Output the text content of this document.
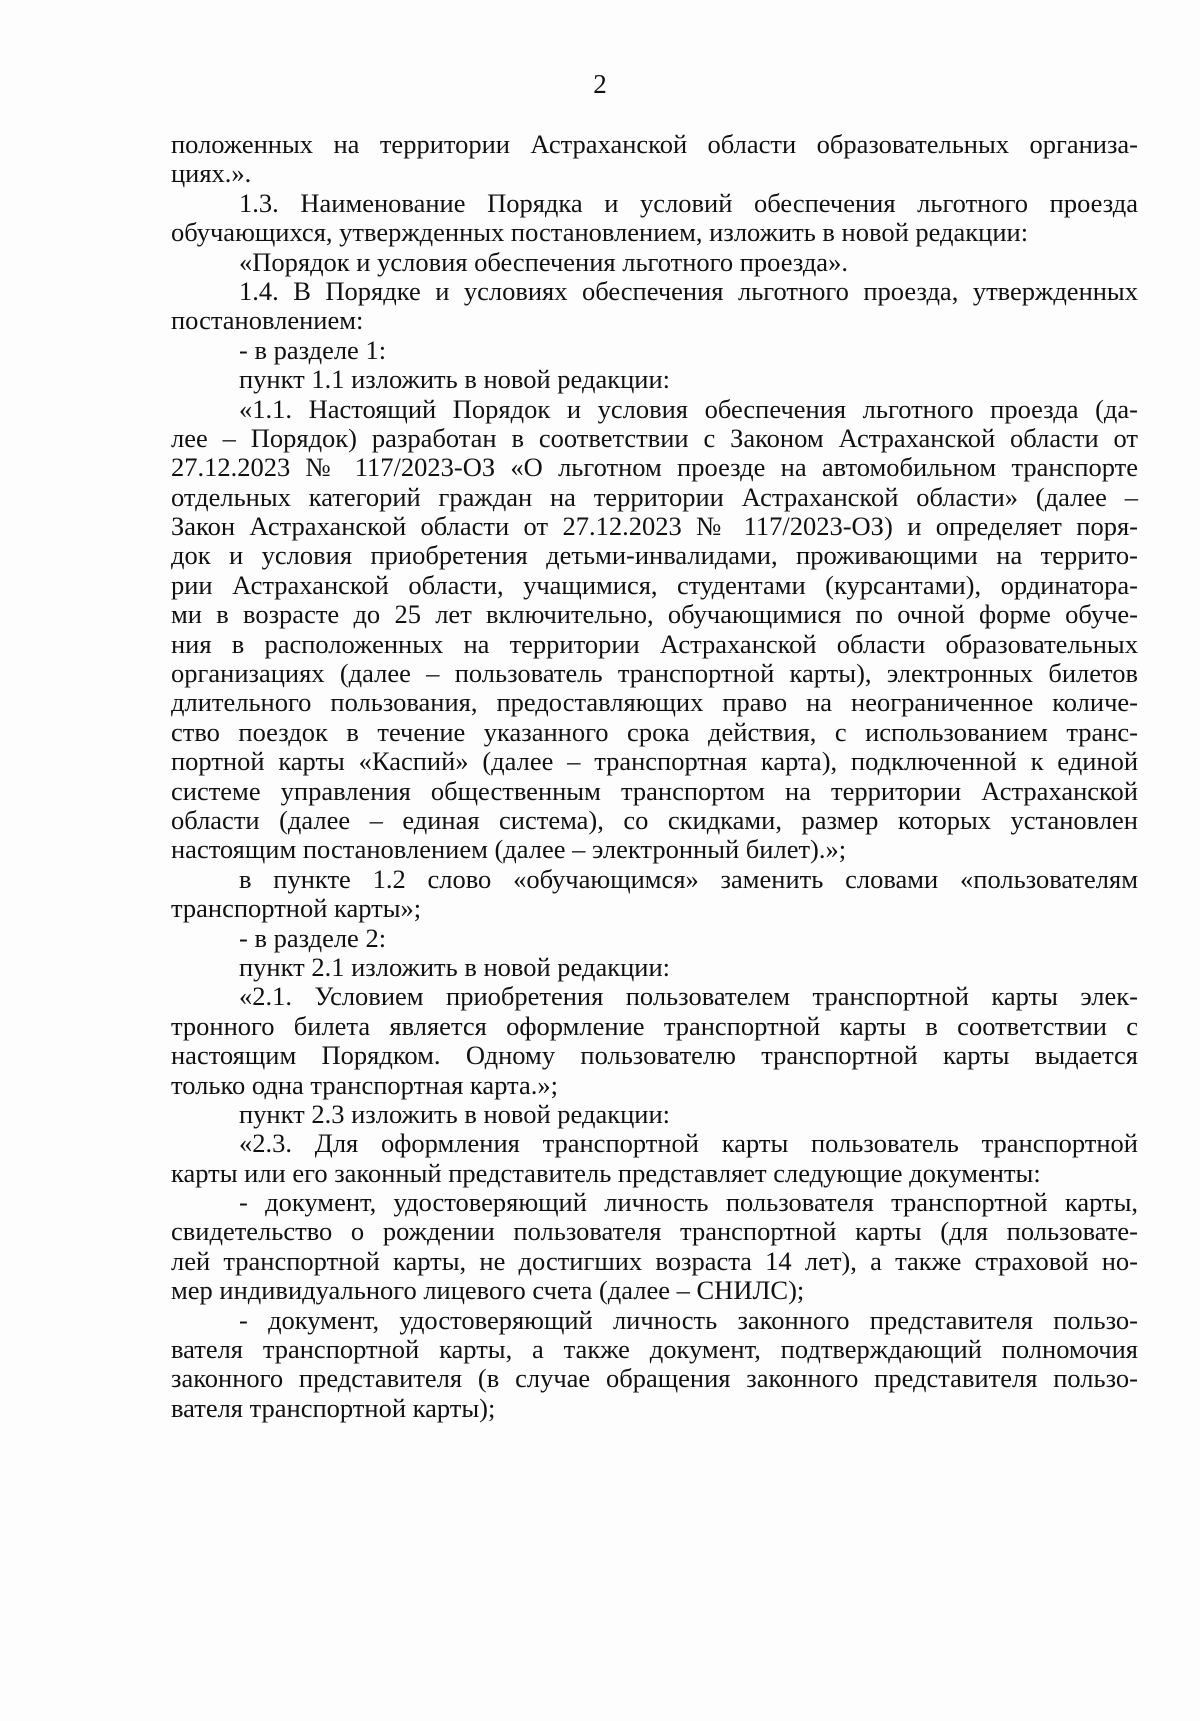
2
положенных на территории Астраханской области образовательных организа-
циях.».
1.3. Наименование Порядка и условий обеспечения льготного проезда
обучающихся, утвержденных постановлением, изложить в новой редакции:
«Порядок и условия обеспечения льготного проезда».
1.4. В Порядке и условиях обеспечения льготного проезда, утвержденных
постановлением:
- в разделе 1:
пункт 1.1 изложить в новой редакции:
«1.1. Настоящий Порядок и условия обеспечения льготного проезда (да-
лее – Порядок) разработан в соответствии с Законом Астраханской области от
27.12.2023 № 117/2023-ОЗ «О льготном проезде на автомобильном транспорте
отдельных категорий граждан на территории Астраханской области» (далее –
Закон Астраханской области от 27.12.2023 № 117/2023-ОЗ) и определяет поря-
док и условия приобретения детьми-инвалидами, проживающими на террито-
рии Астраханской области, учащимися, студентами (курсантами), ординатора-
ми в возрасте до 25 лет включительно, обучающимися по очной форме обуче-
ния в расположенных на территории Астраханской области образовательных
организациях (далее – пользователь транспортной карты), электронных билетов
длительного пользования, предоставляющих право на неограниченное количе-
ство поездок в течение указанного срока действия, с использованием транс-
портной карты «Каспий» (далее – транспортная карта), подключенной к единой
системе управления общественным транспортом на территории Астраханской
области (далее – единая система), со скидками, размер которых установлен
настоящим постановлением (далее – электронный билет).»;
в пункте 1.2 слово «обучающимся» заменить словами «пользователям
транспортной карты»;
- в разделе 2:
пункт 2.1 изложить в новой редакции:
«2.1. Условием приобретения пользователем транспортной карты элек-
тронного билета является оформление транспортной карты в соответствии с
настоящим Порядком. Одному пользователю транспортной карты выдается
только одна транспортная карта.»;
пункт 2.3 изложить в новой редакции:
«2.3. Для оформления транспортной карты пользователь транспортной
карты или его законный представитель представляет следующие документы:
- документ, удостоверяющий личность пользователя транспортной карты,
свидетельство о рождении пользователя транспортной карты (для пользовате-
лей транспортной карты, не достигших возраста 14 лет), а также страховой но-
мер индивидуального лицевого счета (далее – СНИЛС);
- документ, удостоверяющий личность законного представителя пользо-
вателя транспортной карты, а также документ, подтверждающий полномочия
законного представителя (в случае обращения законного представителя пользо-
вателя транспортной карты);
